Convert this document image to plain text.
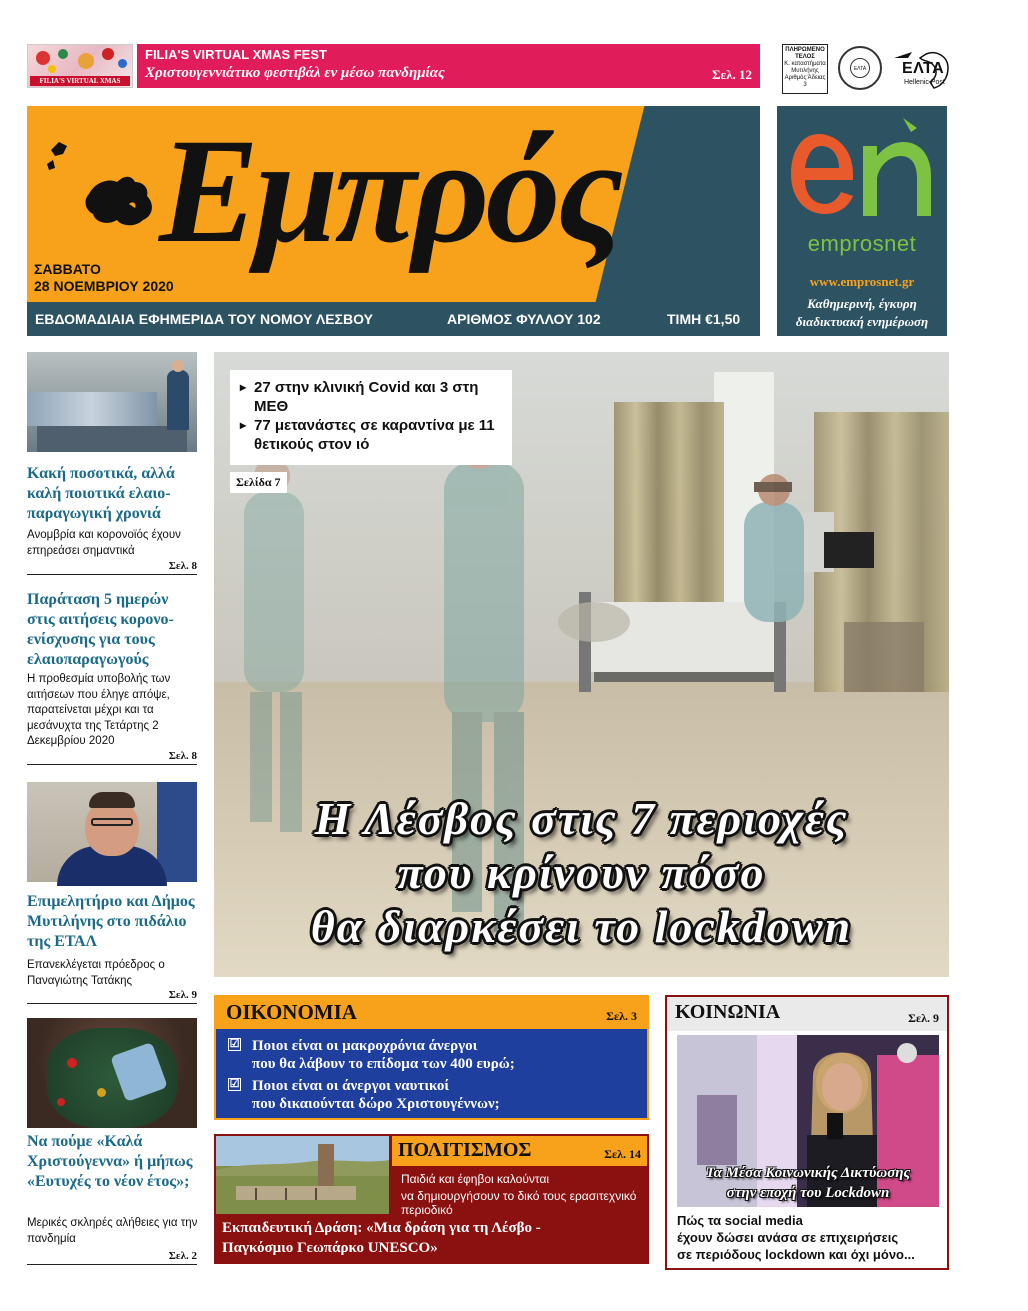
FILIA'S VIRTUAL XMAS FEST
FILIA'S VIRTUAL XMAS FEST
Χριστουγεννιάτικο φεστιβάλ εν μέσω πανδημίας	Σελ. 12
ΠΛΗΡΩΜΕΝΟ
ΤΕΛΟΣ
Κ. καταστήματα
Μυτιλήνης
Αριθμός Άδειας
3
ΕΛΤΑ ΕΛΤΑ
Hellenic Post
Εμπρός
ΣΑΒΒΑΤΟ
28 ΝΟΕΜΒΡΙΟΥ 2020
ΕΒΔΟΜΑΔΙΑΙΑ ΕΦΗΜΕΡΙΔΑ ΤΟΥ ΝΟΜΟΥ ΛΕΣΒΟΥ	ΑΡΙΘΜΟΣ ΦΥΛΛΟΥ 102	ΤΙΜΗ €1,50
emprosnet
www.emprosnet.gr
Καθημερινή, έγκυρη
διαδικτυακή ενημέρωση
Κακή ποσοτικά, αλλά καλή ποιοτικά ελαιο-παραγωγική χρονιά
Ανομβρία και κορονοϊός έχουν επηρεάσει σημαντικά
Σελ. 8
Παράταση 5 ημερών στις αιτήσεις κορονο-ενίσχυσης για τους ελαιοπαραγωγούς
Η προθεσμία υποβολής των αιτήσεων που έληγε απόψε, παρατείνεται μέχρι και τα μεσάνυχτα της Τετάρτης 2 Δεκεμβρίου 2020
Σελ. 8
Επιμελητήριο και Δήμος Μυτιλήνης στο πιδάλιο της ΕΤΑΛ
Επανεκλέγεται πρόεδρος ο Παναγιώτης Τατάκης
Σελ. 9
Να πούμε «Καλά Χριστούγεννα» ή μήπως «Ευτυχές το νέον έτος»;
Μερικές σκληρές αλήθειες για την πανδημία
Σελ. 2
▸ 27 στην κλινική Covid και 3 στη ΜΕΘ
▸ 77 μετανάστες σε καραντίνα με 11 θετικούς στον ιό
Σελίδα 7
Η Λέσβος στις 7 περιοχές
που κρίνουν πόσο
θα διαρκέσει το lockdown
ΟΙΚΟΝΟΜΙΑ	Σελ. 3
☑ Ποιοι είναι οι μακροχρόνια άνεργοι
που θα λάβουν το επίδομα των 400 ευρώ;
☑ Ποιοι είναι οι άνεργοι ναυτικοί
που δικαιούνται δώρο Χριστουγέννων;
ΠΟΛΙΤΙΣΜΟΣ	Σελ. 14
Παιδιά και έφηβοι καλούνται
να δημιουργήσουν το δικό τους ερασιτεχνικό περιοδικό
Εκπαιδευτική Δράση: «Μια δράση για τη Λέσβο -
Παγκόσμιο Γεωπάρκο UNESCO»
ΚΟΙΝΩΝΙΑ	Σελ. 9
Τα Μέσα Κοινωνικής Δικτύωσης
στην εποχή του Lockdown
Πώς τα social media
έχουν δώσει ανάσα σε επιχειρήσεις
σε περιόδους lockdown και όχι μόνο...
